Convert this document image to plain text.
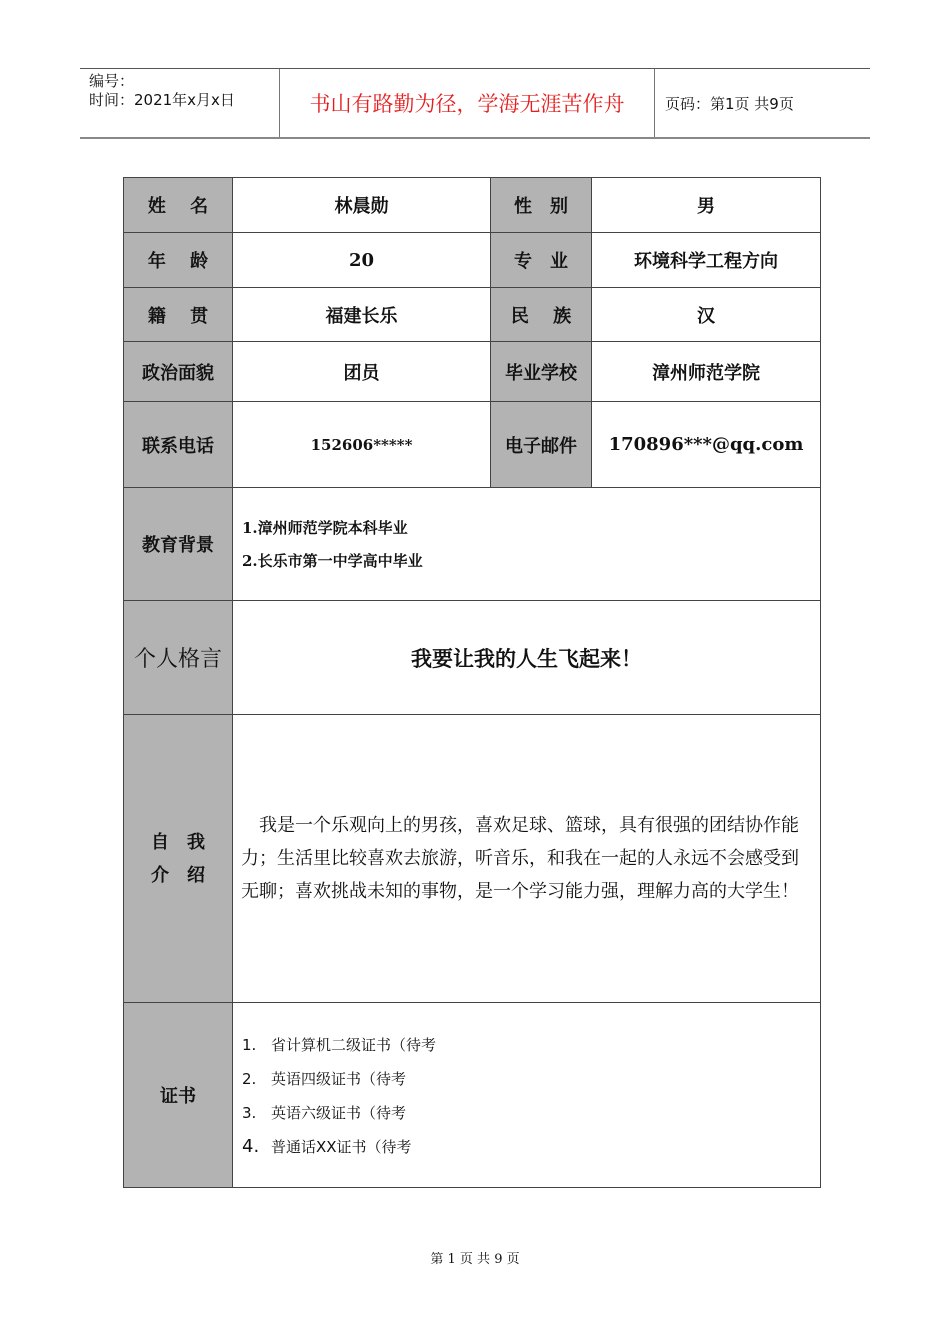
编号：
时间：2021年x月x日	书山有路勤为径，学海无涯苦作舟	页码：第1页 共9页
姓　 名	林晨勋	性　别	男
年　 龄	20	专　业	环境科学工程方向
籍　 贯	福建长乐	民　 族	汉
政治面貌	团员	毕业学校	漳州师范学院
联系电话	152606*****	电子邮件	170896***@qq.com
教育背景	1.漳州师范学院本科毕业
2.长乐市第一中学高中毕业		

个人格言	我要让我的人生飞起来！		

自　我
介　绍	　我是一个乐观向上的男孩，喜欢足球、篮球，具有很强的团结协作能力；生活里比较喜欢去旅游，听音乐，和我在一起的人永远不会感受到无聊；喜欢挑战未知的事物，是一个学习能力强，理解力高的大学生！		
证书	1. 省计算机二级证书（待考
2. 英语四级证书（待考
3. 英语六级证书（待考
4. 普通话XX证书（待考		
第 1 页 共 9 页
